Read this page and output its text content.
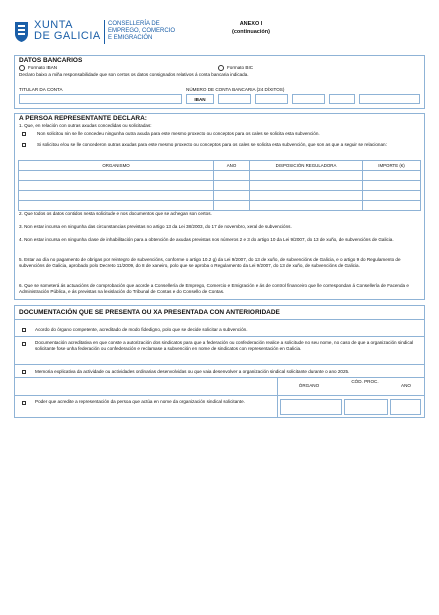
XUNTA
DE GALICIA
CONSELLERÍA DE
EMPREGO, COMERCIO
E EMIGRACIÓN
ANEXO I
(continuación)
DATOS BANCARIOS
Formato IBAN	Formato BIC
Declaro baixo a miña responsabilidade que son certos os datos consignados relativos á conta bancaria indicada.
TITULAR DA CONTA	NÚMERO DE CONTA BANCARIA (24 DÍXITOS)
IBAN
A PERSOA REPRESENTANTE DECLARA:
1. Que, en relación con outras axudas concedidas ou solicitadas:
Non solicitou nin se lle concedeu ningunha outra axuda para este mesmo proxecto ou conceptos para os cales se solicita esta subvención.
Si solicitou e/ou se lle concederon outras axudas para este mesmo proxecto ou conceptos para os cales se solicita esta subvención, que son as que a seguir se relacionan:
ORGANISMO	ANO	DISPOSICIÓN REGULADORA	IMPORTE (€)

2. Que todos os datos contidos nesta solicitude e nos documentos que se achegan son certos.
3. Non estar incursa en ningunha das circunstancias previstas no artigo 13 da Lei 38/2003, do 17 de novembro, xeral de subvencións.
4. Non estar incursa en ningunha clase de inhabilitación para a obtención de axudas previstas nos números 2 e 3 do artigo 10 da Lei 9/2007, do 13 de xuño, de subvencións de Galicia.
5. Estar ao día no pagamento de obrigas por reintegro de subvencións, conforme o artigo 10.2 g) da Lei 9/2007, do 13 de xuño, de subvencións de Galicia, e o artigo 9 do Regulamento de subvencións de Galicia, aprobado polo Decreto 11/2009, do 8 de xaneiro, polo que se aproba o Regulamento da Lei 9/2007, do 13 de xuño, de subvencións de Galicia.
6. Que se someterá ás actuacións de comprobación que acorde a Consellería de Emprego, Comercio e Emigración e ás de control financeiro que lle correspondan á Consellería de Facenda e Administración Pública, e ás previstas na lexislación do Tribunal de Contas e do Consello de Contas.
DOCUMENTACIÓN QUE SE PRESENTA OU XA PRESENTADA CON ANTERIORIDADE
Acordo do órgano competente, acreditado de modo fidedigno, polo que se decide solicitar a subvención.
Documentación acreditativa en que conste a autorización dos sindicatos para que a federación ou confederación realice a solicitude no seu nome, no caso de que a organización sindical solicitante fose unha federación ou confederación e reclamase a subvención en nome de sindicatos con representación en Galicia.
Memoria explicativa da actividade ou actividades ordinarias desenvolvidas ou que vaia desenvolver a organización sindical solicitante durante o ano 2025.
ÓRGANO
CÓD. PROC.
ANO
Poder que acredite a representación da persoa que actúa en nome da organización sindical solicitante.
